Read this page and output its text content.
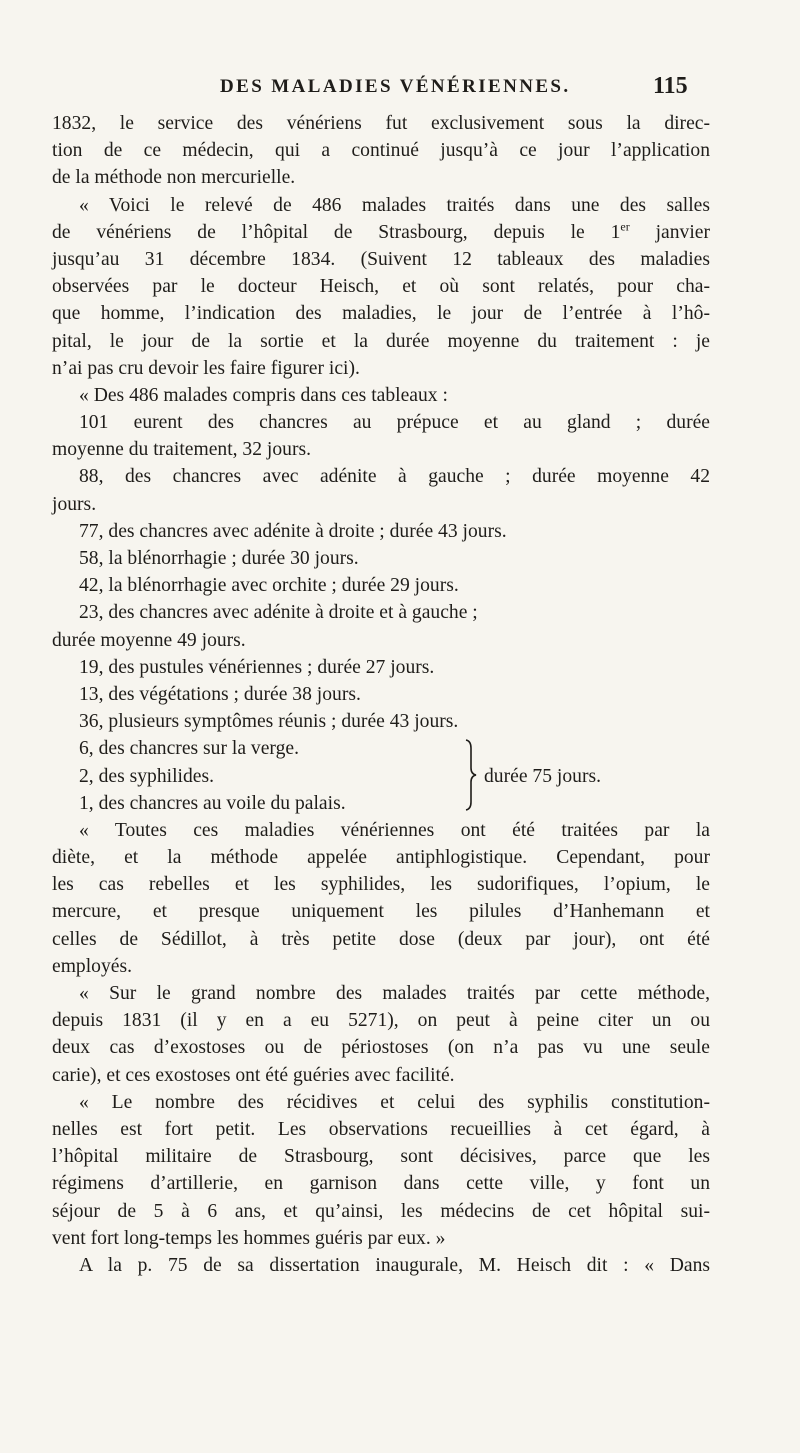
DES MALADIES VÉNÉRIENNES.	115
1832, le service des vénériens fut exclusivement sous la direc-
tion de ce médecin, qui a continué jusqu’à ce jour l’application
de la méthode non mercurielle.
« Voici le relevé de 486 malades traités dans une des salles
de vénériens de l’hôpital de Strasbourg, depuis le 1er janvier
jusqu’au 31 décembre 1834. (Suivent 12 tableaux des maladies
observées par le docteur Heisch, et où sont relatés, pour cha-
que homme, l’indication des maladies, le jour de l’entrée à l’hô-
pital, le jour de la sortie et la durée moyenne du traitement : je
n’ai pas cru devoir les faire figurer ici).
« Des 486 malades compris dans ces tableaux :
101 eurent des chancres au prépuce et au gland ; durée
moyenne du traitement, 32 jours.
88, des chancres avec adénite à gauche ; durée moyenne 42
jours.
77, des chancres avec adénite à droite ; durée 43 jours.
58, la blénorrhagie ; durée 30 jours.
42, la blénorrhagie avec orchite ; durée 29 jours.
23, des chancres avec adénite à droite et à gauche ;
durée moyenne 49 jours.
19, des pustules vénériennes ; durée 27 jours.
13, des végétations ; durée 38 jours.
36, plusieurs symptômes réunis ; durée 43 jours.
6, des chancres sur la verge.
2, des syphilides.
1, des chancres au voile du palais.
durée 75 jours.
« Toutes ces maladies vénériennes ont été traitées par la
diète, et la méthode appelée antiphlogistique. Cependant, pour
les cas rebelles et les syphilides, les sudorifiques, l’opium, le
mercure, et presque uniquement les pilules d’Hanhemann et
celles de Sédillot, à très petite dose (deux par jour), ont été
employés.
« Sur le grand nombre des malades traités par cette méthode,
depuis 1831 (il y en a eu 5271), on peut à peine citer un ou
deux cas d’exostoses ou de périostoses (on n’a pas vu une seule
carie), et ces exostoses ont été guéries avec facilité.
« Le nombre des récidives et celui des syphilis constitution-
nelles est fort petit. Les observations recueillies à cet égard, à
l’hôpital militaire de Strasbourg, sont décisives, parce que les
régimens d’artillerie, en garnison dans cette ville, y font un
séjour de 5 à 6 ans, et qu’ainsi, les médecins de cet hôpital sui-
vent fort long-temps les hommes guéris par eux. »
A la p. 75 de sa dissertation inaugurale, M. Heisch dit : « Dans
